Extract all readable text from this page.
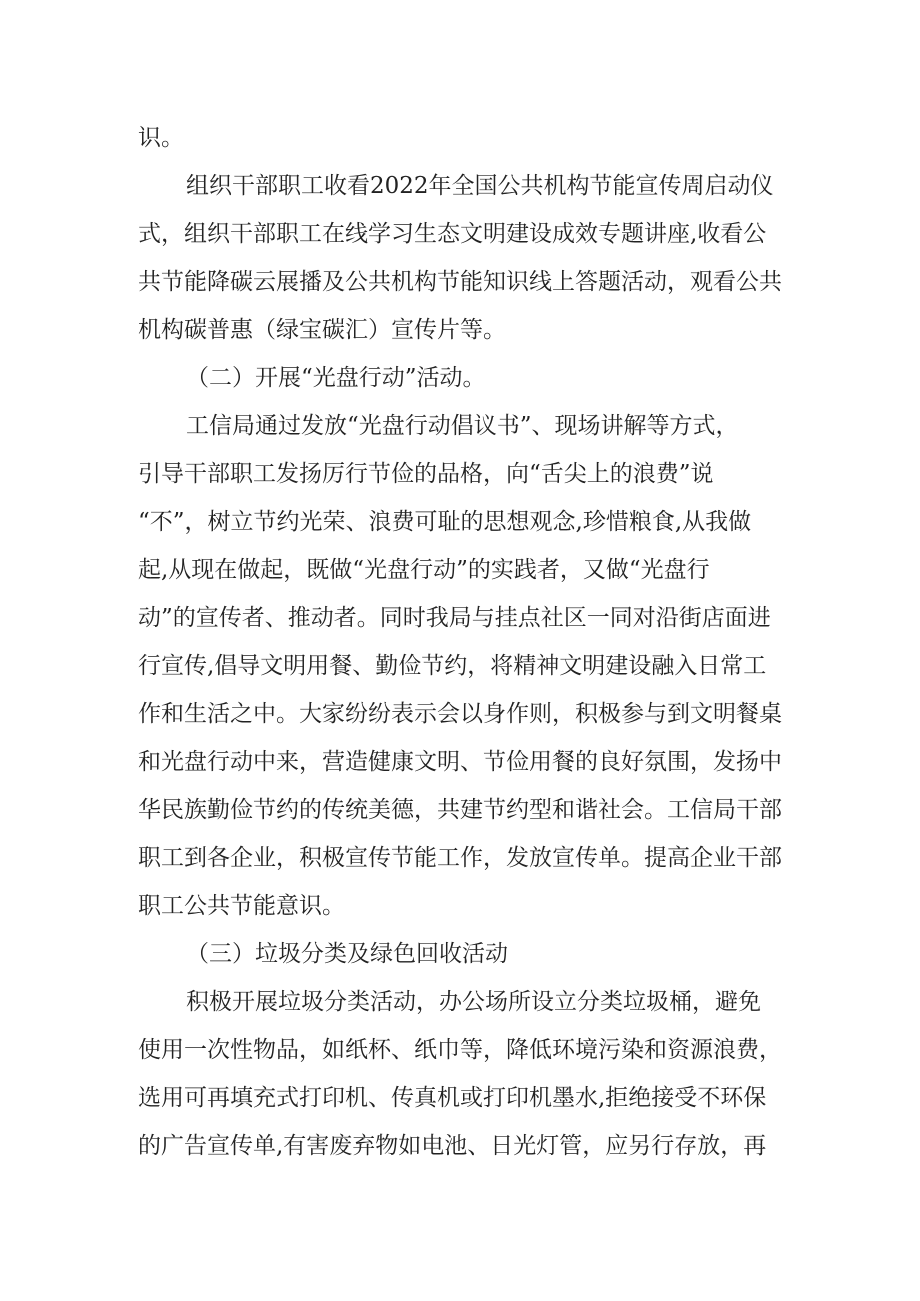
识。
组织干部职工收看2022年全国公共机构节能宣传周启动仪
式，组织干部职工在线学习生态文明建设成效专题讲座,收看公
共节能降碳云展播及公共机构节能知识线上答题活动，观看公共
机构碳普惠（绿宝碳汇）宣传片等。
（二）开展“光盘行动”活动。
工信局通过发放“光盘行动倡议书”、现场讲解等方式，
引导干部职工发扬厉行节俭的品格，向“舌尖上的浪费”说
“不”，树立节约光荣、浪费可耻的思想观念,珍惜粮食,从我做
起,从现在做起，既做“光盘行动”的实践者，又做“光盘行
动”的宣传者、推动者。同时我局与挂点社区一同对沿街店面进
行宣传,倡导文明用餐、勤俭节约，将精神文明建设融入日常工
作和生活之中。大家纷纷表示会以身作则，积极参与到文明餐桌
和光盘行动中来，营造健康文明、节俭用餐的良好氛围，发扬中
华民族勤俭节约的传统美德，共建节约型和谐社会。工信局干部
职工到各企业，积极宣传节能工作，发放宣传单。提高企业干部
职工公共节能意识。
（三）垃圾分类及绿色回收活动
积极开展垃圾分类活动，办公场所设立分类垃圾桶，避免
使用一次性物品，如纸杯、纸巾等，降低环境污染和资源浪费，
选用可再填充式打印机、传真机或打印机墨水,拒绝接受不环保
的广告宣传单,有害废弃物如电池、日光灯管，应另行存放，再
